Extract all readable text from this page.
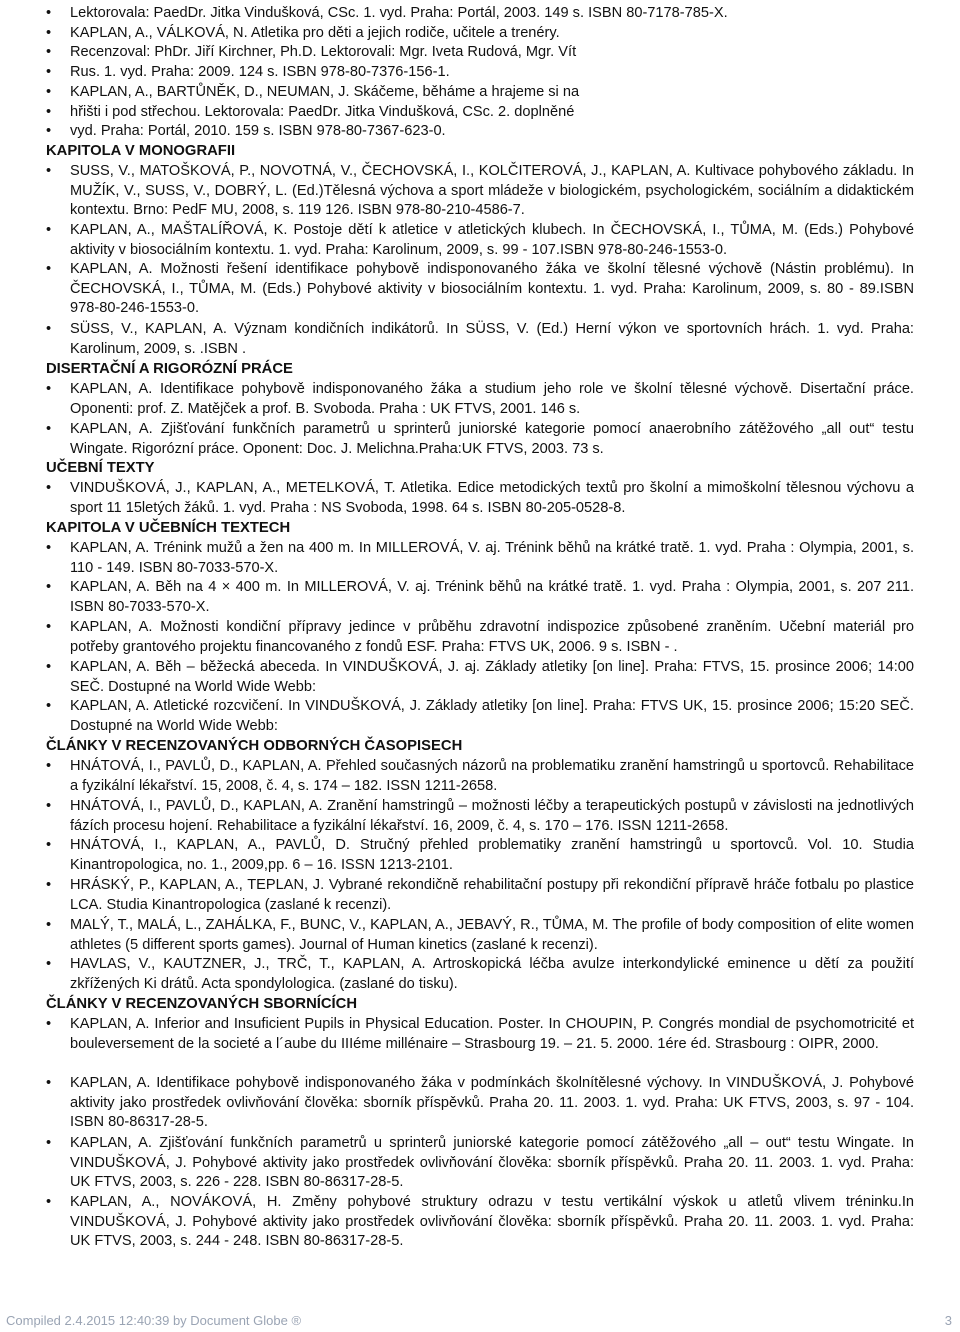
• Lektorovala: PaedDr. Jitka Vindušková, CSc. 1. vyd. Praha: Portál, 2003. 149 s. ISBN 80-7178-785-X.
• KAPLAN, A., VÁLKOVÁ, N. Atletika pro děti a jejich rodiče, učitele a trenéry.
• Recenzoval: PhDr. Jiří Kirchner, Ph.D. Lektorovali: Mgr. Iveta Rudová, Mgr. Vít
• Rus. 1. vyd. Praha: 2009. 124 s. ISBN 978-80-7376-156-1.
• KAPLAN, A., BARTŮNĚK, D., NEUMAN, J. Skáčeme, běháme a hrajeme si na
• hřišti i pod střechou. Lektorovala: PaedDr. Jitka Vindušková, CSc. 2. doplněné
• vyd. Praha: Portál, 2010. 159 s. ISBN 978-80-7367-623-0.
KAPITOLA V MONOGRAFII
• SUSS, V., MATOŠKOVÁ, P., NOVOTNÁ, V., ČECHOVSKÁ, I., KOLČITEROVÁ, J., KAPLAN, A. Kultivace pohybového základu. In MUŽÍK, V., SUSS, V., DOBRÝ, L. (Ed.)Tělesná výchova a sport mládeže v biologickém, psychologickém, sociálním a didaktickém kontextu. Brno: PedF MU, 2008, s. 119 126. ISBN 978-80-210-4586-7.
• KAPLAN, A., MAŠTALÍŘOVÁ, K. Postoje dětí k atletice v atletických klubech. In ČECHOVSKÁ, I., TŮMA, M. (Eds.) Pohybové aktivity v biosociálním kontextu. 1. vyd. Praha: Karolinum, 2009, s. 99 - 107.ISBN 978-80-246-1553-0.
• KAPLAN, A. Možnosti řešení identifikace pohybově indisponovaného žáka ve školní tělesné výchově (Nástin problému). In ČECHOVSKÁ, I., TŮMA, M. (Eds.) Pohybové aktivity v biosociálním kontextu. 1. vyd. Praha: Karolinum, 2009, s. 80 - 89.ISBN 978-80-246-1553-0.
• SÜSS, V., KAPLAN, A. Význam kondičních indikátorů. In SÜSS, V. (Ed.) Herní výkon ve sportovních hrách. 1. vyd. Praha: Karolinum, 2009, s. .ISBN .
DISERTAČNÍ A RIGORÓZNÍ PRÁCE
• KAPLAN, A. Identifikace pohybově indisponovaného žáka a studium jeho role ve školní tělesné výchově. Disertační práce. Oponenti: prof. Z. Matějček a prof. B. Svoboda. Praha : UK FTVS, 2001. 146 s.
• KAPLAN, A. Zjišťování funkčních parametrů u sprinterů juniorské kategorie pomocí anaerobního zátěžového „all out“ testu Wingate. Rigorózní práce. Oponent: Doc. J. Melichna.Praha:UK FTVS, 2003. 73 s.
UČEBNÍ TEXTY
• VINDUŠKOVÁ, J., KAPLAN, A., METELKOVÁ, T. Atletika. Edice metodických textů pro školní a mimoškolní tělesnou výchovu a sport 11 15letých žáků. 1. vyd. Praha : NS Svoboda, 1998. 64 s. ISBN 80-205-0528-8.
KAPITOLA V UČEBNÍCH TEXTECH
• KAPLAN, A. Trénink mužů a žen na 400 m. In MILLEROVÁ, V. aj. Trénink běhů na krátké tratě. 1. vyd. Praha : Olympia, 2001, s. 110 - 149. ISBN 80-7033-570-X.
• KAPLAN, A. Běh na 4 × 400 m. In MILLEROVÁ, V. aj. Trénink běhů na krátké tratě. 1. vyd. Praha : Olympia, 2001, s. 207 211. ISBN 80-7033-570-X.
• KAPLAN, A. Možnosti kondiční přípravy jedince v průběhu zdravotní indispozice způsobené zraněním. Učební materiál pro potřeby grantového projektu financovaného z fondů ESF. Praha: FTVS UK, 2006. 9 s. ISBN - .
• KAPLAN, A. Běh – běžecká abeceda. In VINDUŠKOVÁ, J. aj. Základy atletiky [on line]. Praha: FTVS, 15. prosince 2006; 14:00 SEČ. Dostupné na World Wide Webb:
• KAPLAN, A. Atletické rozcvičení. In VINDUŠKOVÁ, J. Základy atletiky [on line]. Praha: FTVS UK, 15. prosince 2006; 15:20 SEČ. Dostupné na World Wide Webb:
ČLÁNKY V RECENZOVANÝCH ODBORNÝCH ČASOPISECH
• HNÁTOVÁ, I., PAVLŮ, D., KAPLAN, A. Přehled současných názorů na problematiku zranění hamstringů u sportovců. Rehabilitace a fyzikální lékařství. 15, 2008, č. 4, s. 174 – 182. ISSN 1211-2658.
• HNÁTOVÁ, I., PAVLŮ, D., KAPLAN, A. Zranění hamstringů – možnosti léčby a terapeutických postupů v závislosti na jednotlivých fázích procesu hojení. Rehabilitace a fyzikální lékařství. 16, 2009, č. 4, s. 170 – 176. ISSN 1211-2658.
• HNÁTOVÁ, I., KAPLAN, A., PAVLŮ, D. Stručný přehled problematiky zranění hamstringů u sportovců. Vol. 10. Studia Kinantropologica, no. 1., 2009,pp. 6 – 16. ISSN 1213-2101.
• HRÁSKÝ, P., KAPLAN, A., TEPLAN, J. Vybrané rekondičně rehabilitační postupy při rekondiční přípravě hráče fotbalu po plastice LCA. Studia Kinantropologica (zaslané k recenzi).
• MALÝ, T., MALÁ, L., ZAHÁLKA, F., BUNC, V., KAPLAN, A., JEBAVÝ, R., TŮMA, M. The profile of body composition of elite women athletes (5 different sports games). Journal of Human kinetics (zaslané k recenzi).
• HAVLAS, V., KAUTZNER, J., TRČ, T., KAPLAN, A. Artroskopická léčba avulze interkondylické eminence u dětí za použití zkřížených Ki drátů. Acta spondylologica. (zaslané do tisku).
ČLÁNKY V RECENZOVANÝCH SBORNÍCÍCH
• KAPLAN, A. Inferior and Insuficient Pupils in Physical Education. Poster. In CHOUPIN, P. Congrés mondial de psychomotricité et bouleversement de la societé a l´aube du IIIéme millénaire – Strasbourg 19. – 21. 5. 2000. 1ére éd. Strasbourg : OIPR, 2000.
• KAPLAN, A. Identifikace pohybově indisponovaného žáka v podmínkách školnítělesné výchovy. In VINDUŠKOVÁ, J. Pohybové aktivity jako prostředek ovlivňování člověka: sborník příspěvků. Praha 20. 11. 2003. 1. vyd. Praha: UK FTVS, 2003, s. 97 - 104. ISBN 80-86317-28-5.
• KAPLAN, A. Zjišťování funkčních parametrů u sprinterů juniorské kategorie pomocí zátěžového „all – out“ testu Wingate. In VINDUŠKOVÁ, J. Pohybové aktivity jako prostředek ovlivňování člověka: sborník příspěvků. Praha 20. 11. 2003. 1. vyd. Praha: UK FTVS, 2003, s. 226 - 228. ISBN 80-86317-28-5.
• KAPLAN, A., NOVÁKOVÁ, H. Změny pohybové struktury odrazu v testu vertikální výskok u atletů vlivem tréninku.In VINDUŠKOVÁ, J. Pohybové aktivity jako prostředek ovlivňování člověka: sborník příspěvků. Praha 20. 11. 2003. 1. vyd. Praha: UK FTVS, 2003, s. 244 - 248. ISBN 80-86317-28-5.
Compiled 2.4.2015 12:40:39 by Document Globe ®	3
